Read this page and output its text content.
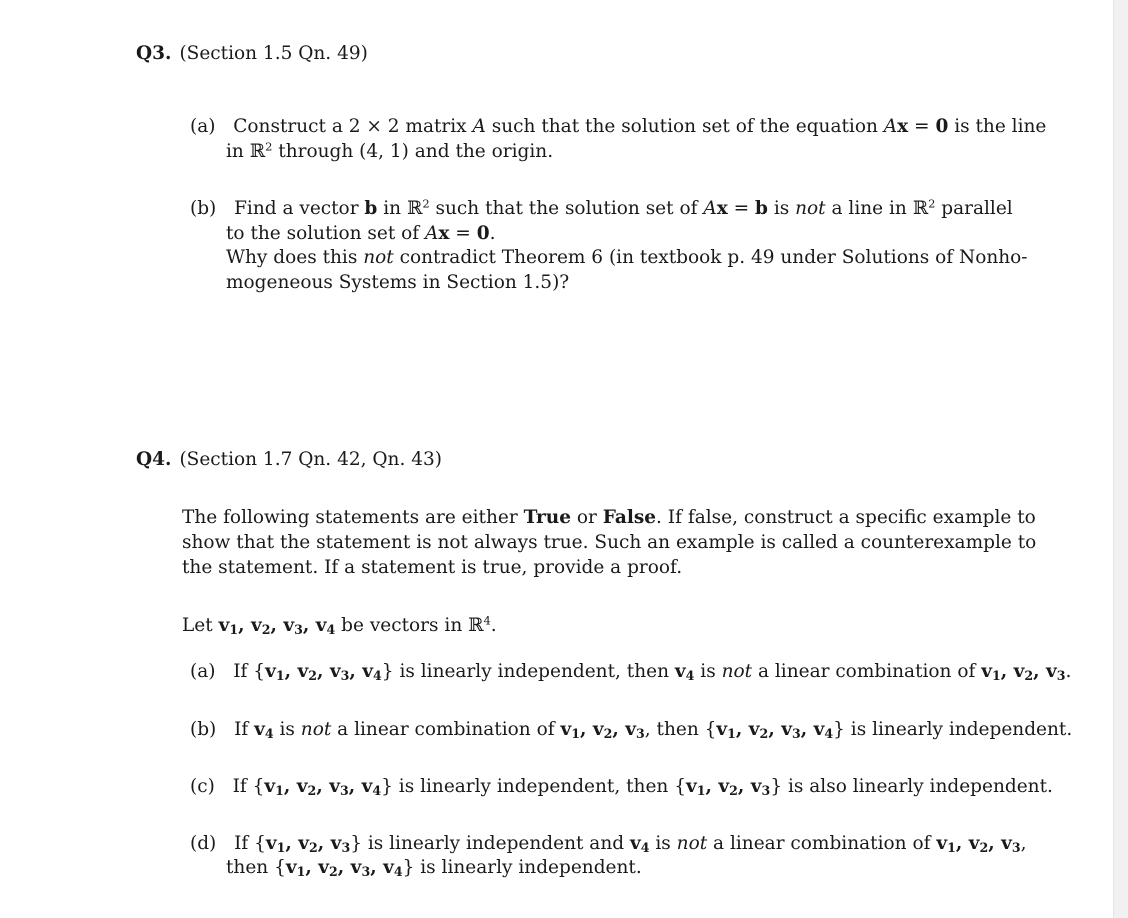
Q3. (Section 1.5 Qn. 49)
(a) Construct a 2 × 2 matrix A such that the solution set of the equation Ax = 0 is the line
in ℝ$^2$ through (4, 1) and the origin.
(b) Find a vector b in ℝ$^2$ such that the solution set of Ax = b is not a line in ℝ$^2$ parallel
to the solution set of Ax = 0.
Why does this not contradict Theorem 6 (in textbook p. 49 under Solutions of Nonho-
mogeneous Systems in Section 1.5)?
Q4. (Section 1.7 Qn. 42, Qn. 43)
The following statements are either True or False. If false, construct a specific example to
show that the statement is not always true. Such an example is called a counterexample to
the statement. If a statement is true, provide a proof.
Let $v_1$, $v_2$, $v_3$, $v_4$ be vectors in ℝ$^4$.
(a) If {$v_1$, $v_2$, $v_3$, $v_4$} is linearly independent, then $v_4$ is not a linear combination of $v_1$, $v_2$, $v_3$.
(b) If $v_4$ is not a linear combination of $v_1$, $v_2$, $v_3$, then {$v_1$, $v_2$, $v_3$, $v_4$} is linearly independent.
(c) If {$v_1$, $v_2$, $v_3$, $v_4$} is linearly independent, then {$v_1$, $v_2$, $v_3$} is also linearly independent.
(d) If {$v_1$, $v_2$, $v_3$} is linearly independent and $v_4$ is not a linear combination of $v_1$, $v_2$, $v_3$,
then {$v_1$, $v_2$, $v_3$, $v_4$} is linearly independent.
